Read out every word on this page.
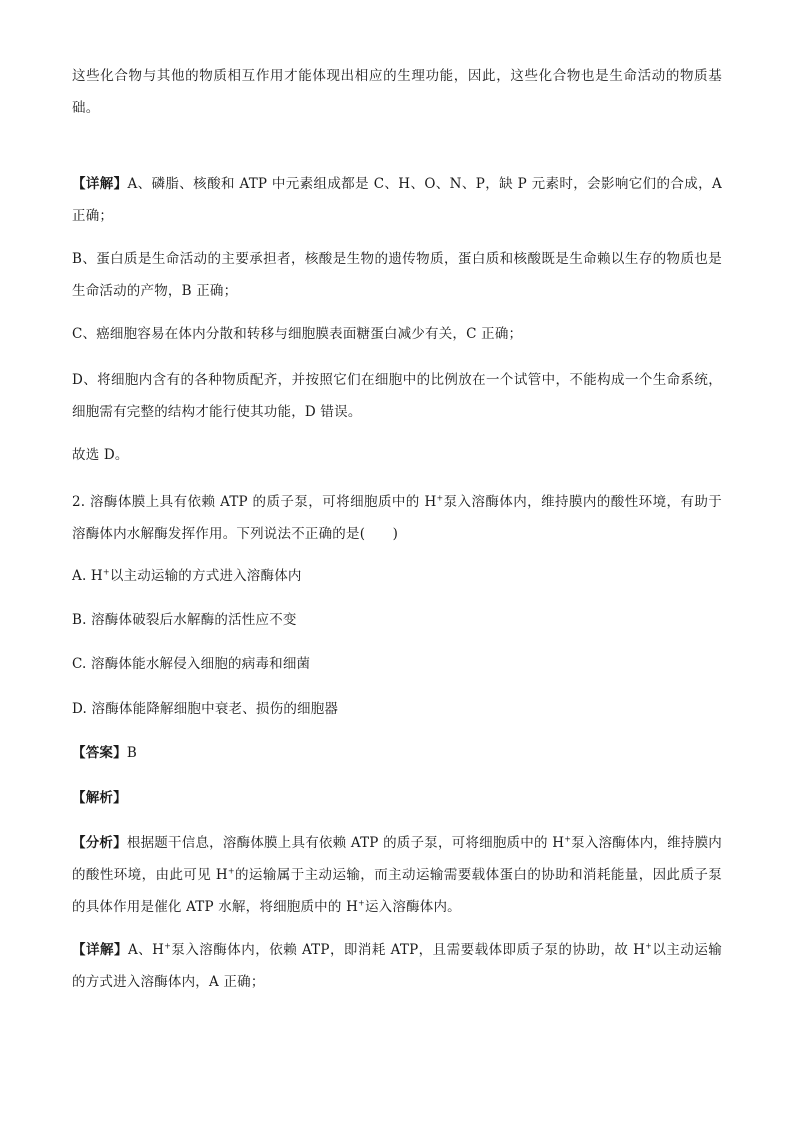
这些化合物与其他的物质相互作用才能体现出相应的生理功能，因此，这些化合物也是生命活动的物质基础。

【详解】A、磷脂、核酸和 ATP 中元素组成都是 C、H、O、N、P，缺 P 元素时，会影响它们的合成，A 正确；

B、蛋白质是生命活动的主要承担者，核酸是生物的遗传物质，蛋白质和核酸既是生命赖以生存的物质也是生命活动的产物，B 正确；

C、癌细胞容易在体内分散和转移与细胞膜表面糖蛋白减少有关，C 正确；

D、将细胞内含有的各种物质配齐，并按照它们在细胞中的比例放在一个试管中，不能构成一个生命系统，细胞需有完整的结构才能行使其功能，D 错误。

故选 D。

2. 溶酶体膜上具有依赖 ATP 的质子泵，可将细胞质中的 H+泵入溶酶体内，维持膜内的酸性环境，有助于溶酶体内水解酶发挥作用。下列说法不正确的是(　　)

A. H+以主动运输的方式进入溶酶体内

B. 溶酶体破裂后水解酶的活性应不变

C. 溶酶体能水解侵入细胞的病毒和细菌

D. 溶酶体能降解细胞中衰老、损伤的细胞器

【答案】B

【解析】

【分析】根据题干信息，溶酶体膜上具有依赖 ATP 的质子泵，可将细胞质中的 H+泵入溶酶体内，维持膜内的酸性环境，由此可见 H+的运输属于主动运输，而主动运输需要载体蛋白的协助和消耗能量，因此质子泵的具体作用是催化 ATP 水解，将细胞质中的 H+运入溶酶体内。

【详解】A、H+泵入溶酶体内，依赖 ATP，即消耗 ATP，且需要载体即质子泵的协助，故 H+以主动运输的方式进入溶酶体内，A 正确；
